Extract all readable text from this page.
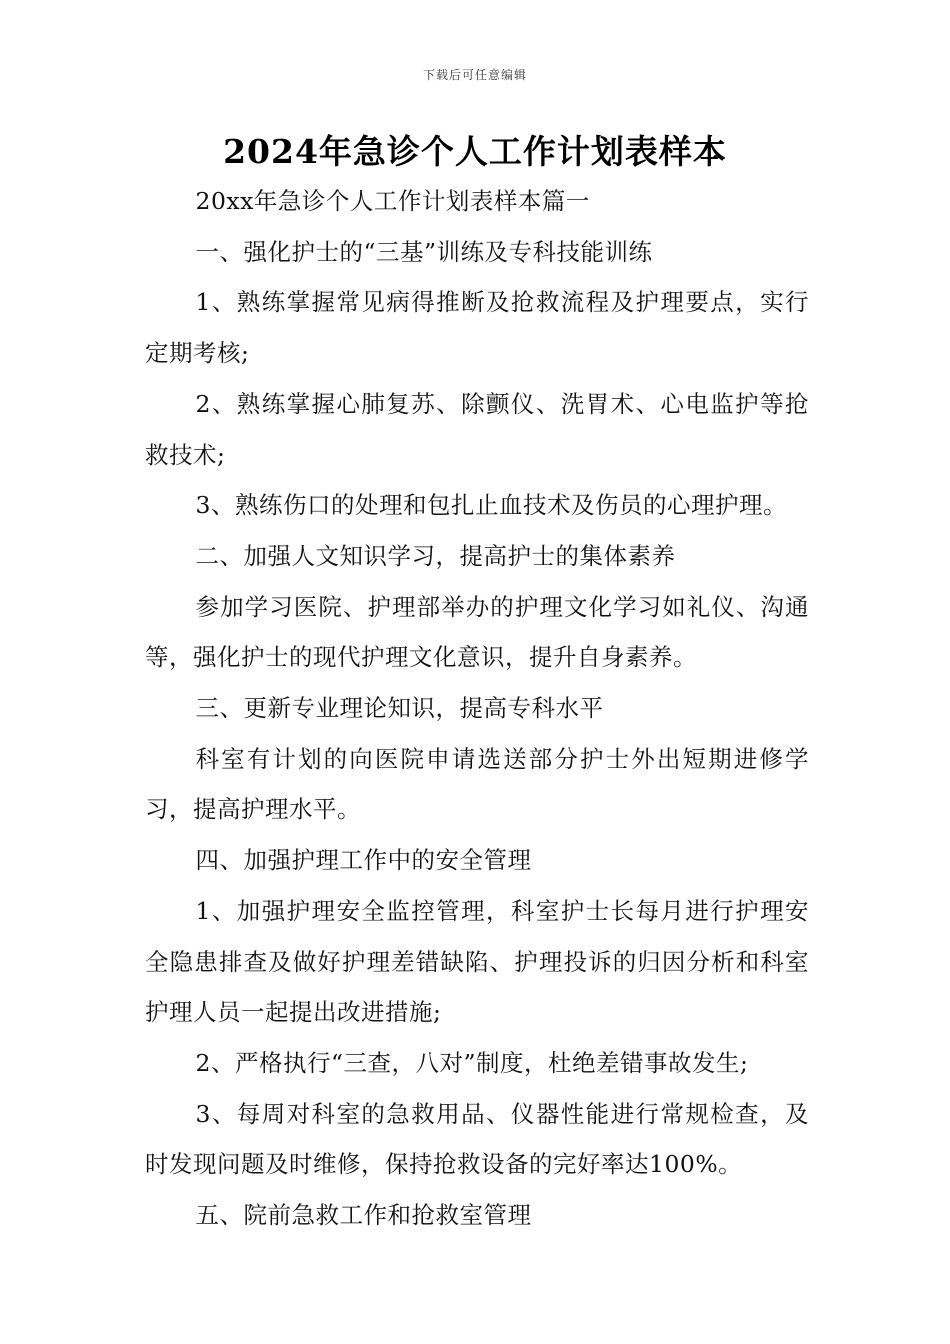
下载后可任意编辑
2024年急诊个人工作计划表样本

20xx年急诊个人工作计划表样本篇一

一、强化护士的“三基”训练及专科技能训练

1、熟练掌握常见病得推断及抢救流程及护理要点，实行定期考核;

2、熟练掌握心肺复苏、除颤仪、洗胃术、心电监护等抢救技术;

3、熟练伤口的处理和包扎止血技术及伤员的心理护理。

二、加强人文知识学习，提高护士的集体素养

参加学习医院、护理部举办的护理文化学习如礼仪、沟通等，强化护士的现代护理文化意识，提升自身素养。

三、更新专业理论知识，提高专科水平

科室有计划的向医院申请选送部分护士外出短期进修学习，提高护理水平。

四、加强护理工作中的安全管理

1、加强护理安全监控管理，科室护士长每月进行护理安全隐患排查及做好护理差错缺陷、护理投诉的归因分析和科室护理人员一起提出改进措施;

2、严格执行“三查，八对”制度，杜绝差错事故发生;

3、每周对科室的急救用品、仪器性能进行常规检查，及时发现问题及时维修，保持抢救设备的完好率达100%。

五、院前急救工作和抢救室管理
